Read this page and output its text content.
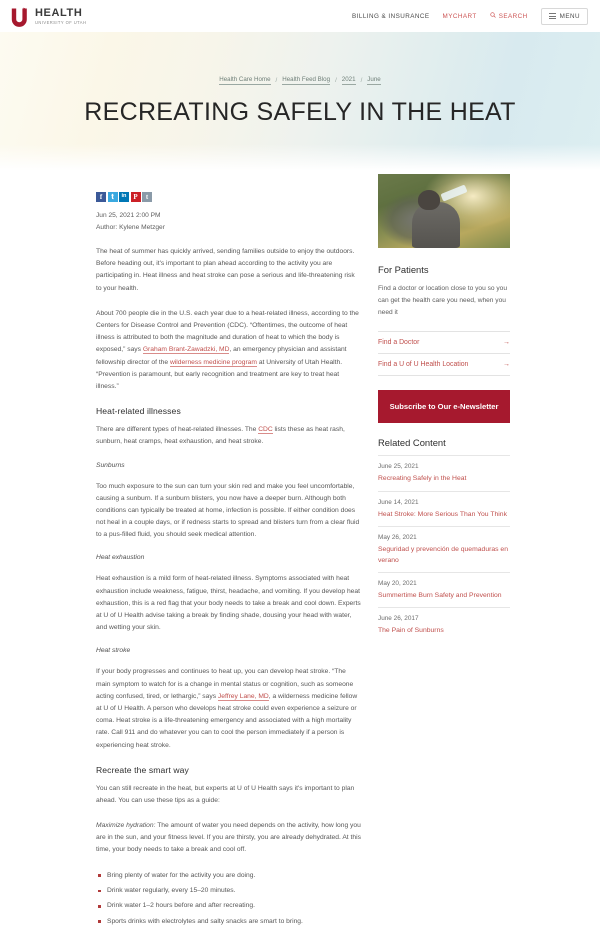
HEALTH
UNIVERSITY OF UTAH
BILLING & INSURANCE MYCHART	SEARCH	MENU
Health Care Home / Health Feed Blog / 2021 / June
RECREATING SAFELY IN THE HEAT
f	𝐭	in P	t
Jun 25, 2021 2:00 PM
Author: Kylene Metzger

The heat of summer has quickly arrived, sending families outside to enjoy the outdoors. Before heading out, it's important to plan ahead according to the activity you are participating in. Heat illness and heat stroke can pose a serious and life-threatening risk to your health.

About 700 people die in the U.S. each year due to a heat-related illness, according to the Centers for Disease Control and Prevention (CDC). “Oftentimes, the outcome of heat illness is attributed to both the magnitude and duration of heat to which the body is exposed,” says Graham Brant-Zawadzki, MD, an emergency physician and assistant fellowship director of the wilderness medicine program at University of Utah Health. “Prevention is paramount, but early recognition and treatment are key to treat heat illness.”

Heat-related illnesses

There are different types of heat-related illnesses. The CDC lists these as heat rash, sunburn, heat cramps, heat exhaustion, and heat stroke.

Sunburns

Too much exposure to the sun can turn your skin red and make you feel uncomfortable, causing a sunburn. If a sunburn blisters, you now have a deeper burn. Although both conditions can typically be treated at home, infection is possible. If either condition does not heal in a couple days, or if redness starts to spread and blisters turn from a clear fluid to a pus-filled fluid, you should seek medical attention.

Heat exhaustion

Heat exhaustion is a mild form of heat-related illness. Symptoms associated with heat exhaustion include weakness, fatigue, thirst, headache, and vomiting. If you develop heat exhaustion, this is a red flag that your body needs to take a break and cool down. Experts at U of U Health advise taking a break by finding shade, dousing your head with water, and wetting your skin.

Heat stroke

If your body progresses and continues to heat up, you can develop heat stroke. “The main symptom to watch for is a change in mental status or cognition, such as someone acting confused, tired, or lethargic,” says Jeffrey Lane, MD, a wilderness medicine fellow at U of U Health. A person who develops heat stroke could even experience a seizure or coma. Heat stroke is a life-threatening emergency and associated with a high mortality rate. Call 911 and do whatever you can to cool the person immediately if a person is experiencing heat stroke.

Recreate the smart way

You can still recreate in the heat, but experts at U of U Health says it's important to plan ahead. You can use these tips as a guide:

Maximize hydration: The amount of water you need depends on the activity, how long you are in the sun, and your fitness level. If you are thirsty, you are already dehydrated. At this time, your body needs to take a break and cool off.

Bring plenty of water for the activity you are doing.
Drink water regularly, every 15–20 minutes.
Drink water 1–2 hours before and after recreating.
Sports drinks with electrolytes and salty snacks are smart to bring.
For Patients

Find a doctor or location close to you so you can get the health care you need, when you need it

Find a Doctor	→
Find a U of U Health Location	→
Subscribe to Our e-Newsletter
Related Content
June 25, 2021
Recreating Safely in the Heat
June 14, 2021
Heat Stroke: More Serious Than You Think
May 26, 2021
Seguridad y prevención de quemaduras en verano
May 20, 2021
Summertime Burn Safety and Prevention
June 26, 2017
The Pain of Sunburns
